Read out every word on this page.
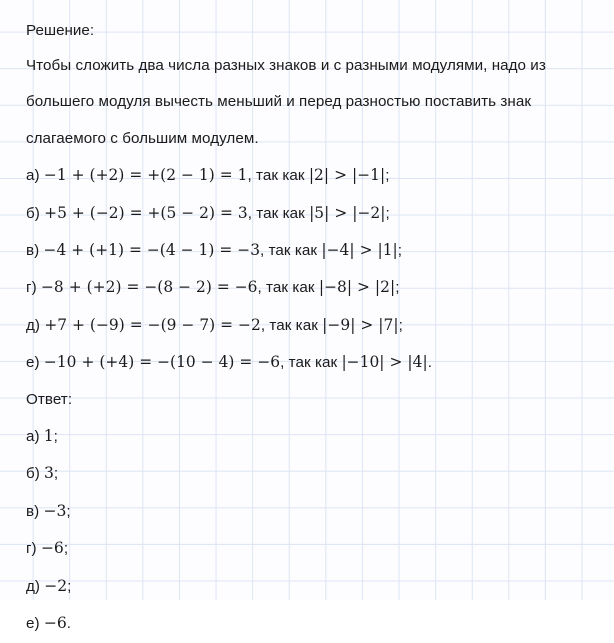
Решение:
Чтобы сложить два числа разных знаков и с разными модулями, надо из большего модуля вычесть меньший и перед разностью поставить знак слагаемого с большим модулем.
а) −1 + (+2) = +(2 − 1) = 1, так как |2| > |−1|;
б) +5 + (−2) = +(5 − 2) = 3, так как |5| > |−2|;
в) −4 + (+1) = −(4 − 1) = −3, так как |−4| > |1|;
г) −8 + (+2) = −(8 − 2) = −6, так как |−8| > |2|;
д) +7 + (−9) = −(9 − 7) = −2, так как |−9| > |7|;
е) −10 + (+4) = −(10 − 4) = −6, так как |−10| > |4|.
Ответ:
а) 1;
б) 3;
в) −3;
г) −6;
д) −2;
е) −6.
